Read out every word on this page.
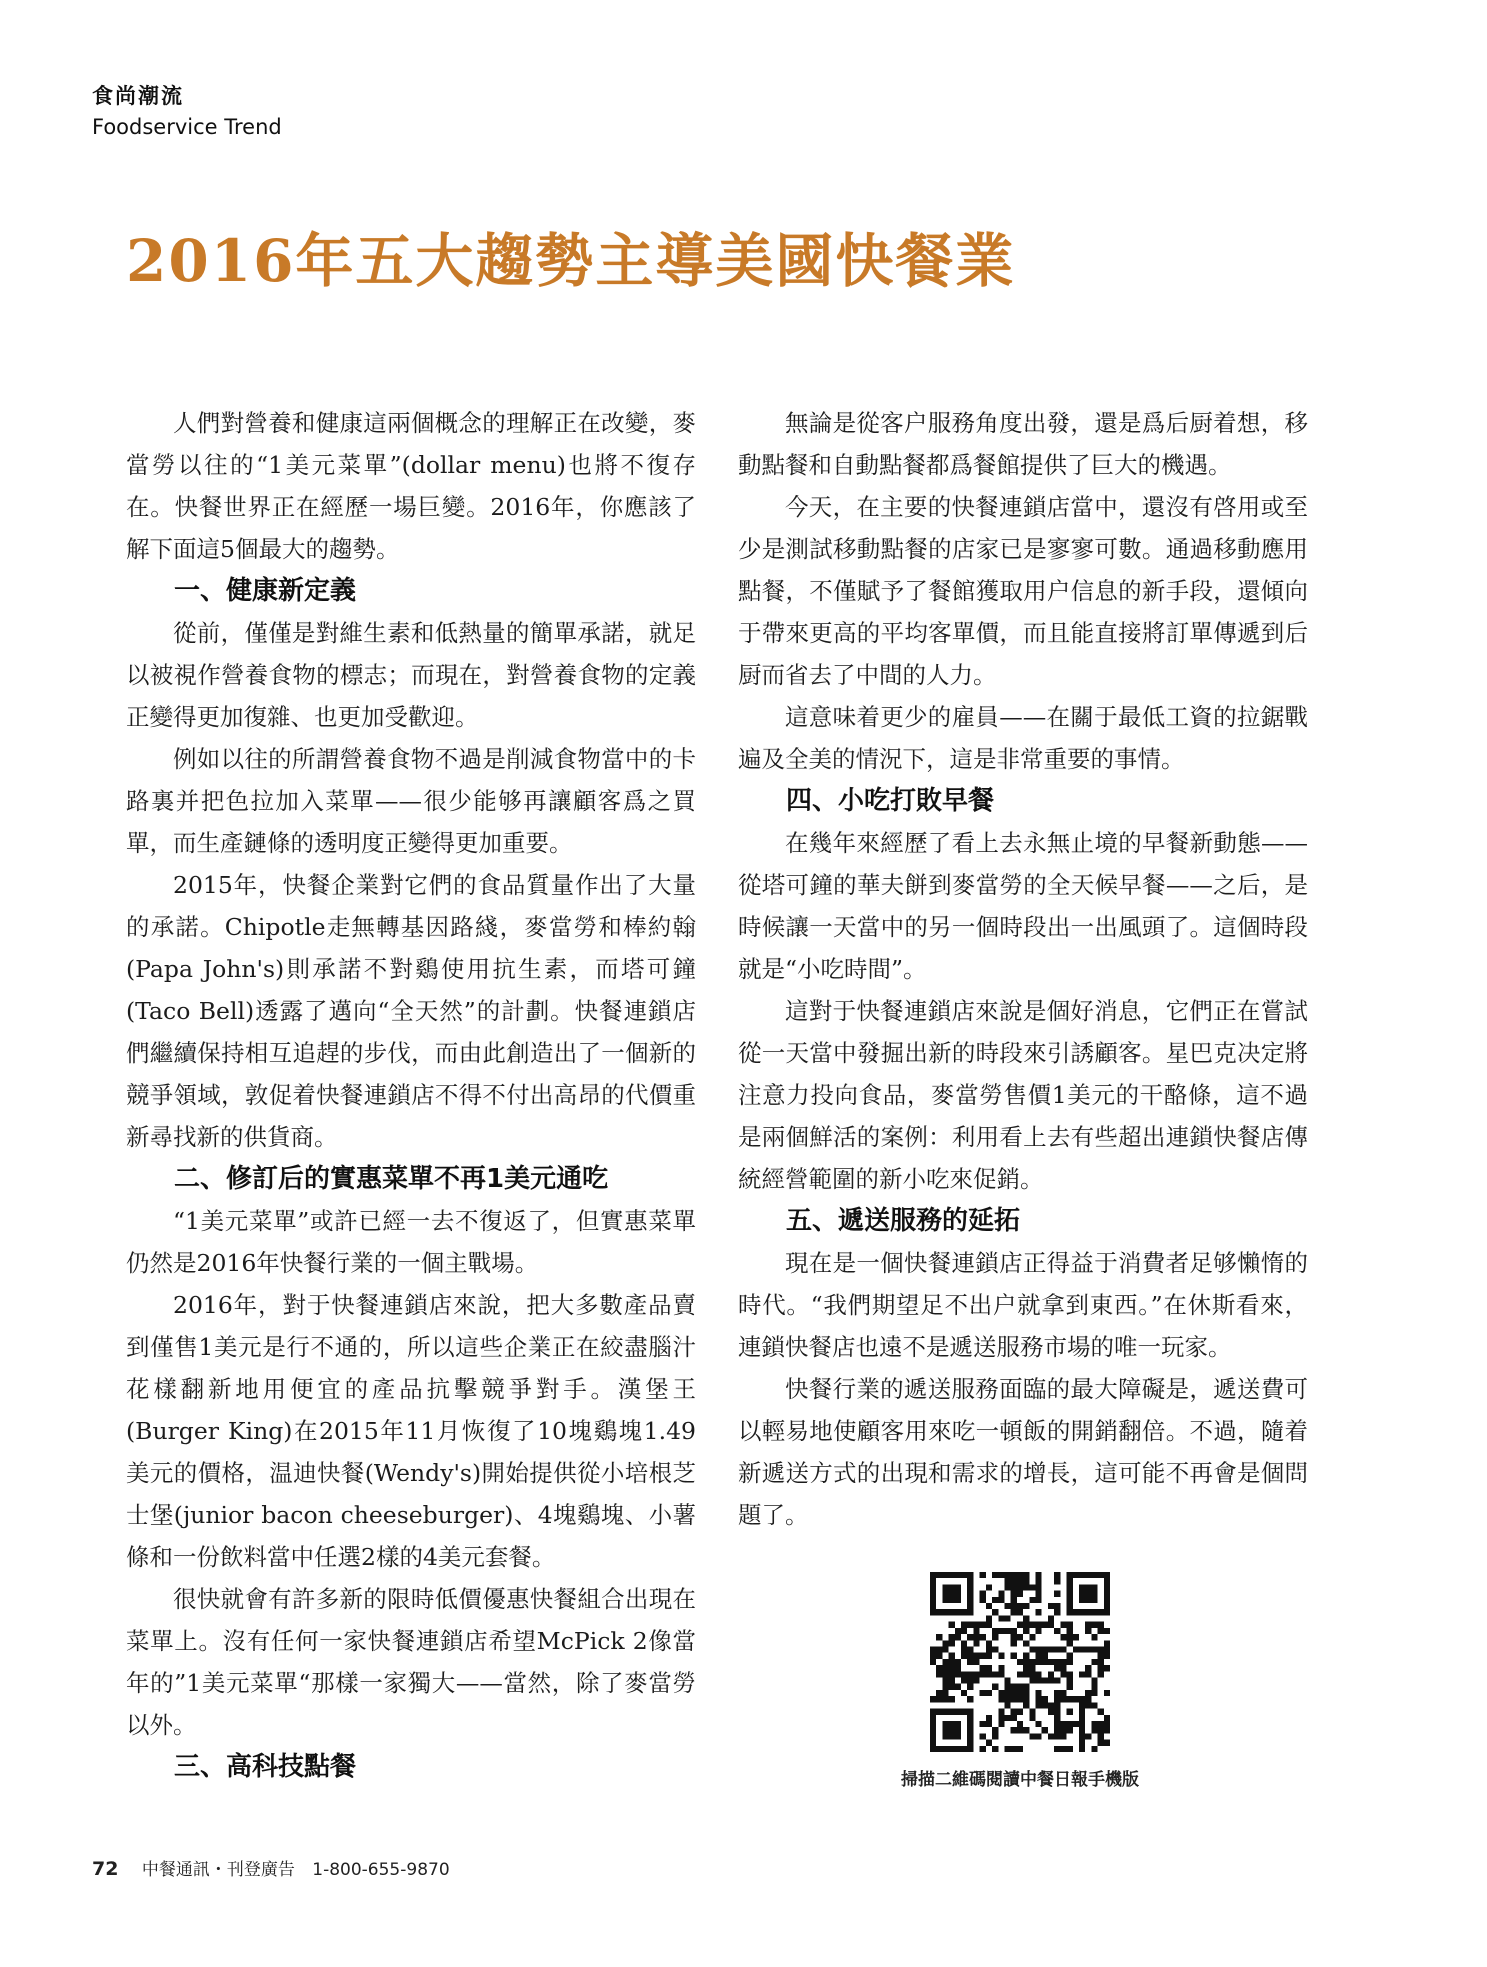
食尚潮流
Foodservice Trend
2016年五大趨勢主導美國快餐業

人們對營養和健康這兩個概念的理解正在改變，麥當勞以往的“1美元菜單”(dollar menu)也將不復存在。快餐世界正在經歷一場巨變。2016年，你應該了解下面這5個最大的趨勢。

一、健康新定義

從前，僅僅是對維生素和低熱量的簡單承諾，就足以被視作營養食物的標志；而現在，對營養食物的定義正變得更加復雜、也更加受歡迎。

例如以往的所謂營養食物不過是削減食物當中的卡路裏并把色拉加入菜單——很少能够再讓顧客爲之買單，而生產鏈條的透明度正變得更加重要。

2015年，快餐企業對它們的食品質量作出了大量的承諾。Chipotle走無轉基因路綫，麥當勞和棒約翰(Papa John's)則承諾不對鷄使用抗生素，而塔可鐘(Taco Bell)透露了邁向“全天然”的計劃。快餐連鎖店們繼續保持相互追趕的步伐，而由此創造出了一個新的競爭領域，敦促着快餐連鎖店不得不付出高昂的代價重新尋找新的供貨商。

二、修訂后的實惠菜單不再1美元通吃

“1美元菜單”或許已經一去不復返了，但實惠菜單仍然是2016年快餐行業的一個主戰場。

2016年，對于快餐連鎖店來說，把大多數產品賣到僅售1美元是行不通的，所以這些企業正在絞盡腦汁花樣翻新地用便宜的產品抗擊競爭對手。漢堡王(Burger King)在2015年11月恢復了10塊鷄塊1.49美元的價格，温迪快餐(Wendy's)開始提供從小培根芝士堡(junior bacon cheeseburger)、4塊鷄塊、小薯條和一份飲料當中任選2樣的4美元套餐。

很快就會有許多新的限時低價優惠快餐組合出現在菜單上。沒有任何一家快餐連鎖店希望McPick 2像當年的”1美元菜單“那樣一家獨大——當然，除了麥當勞以外。

三、高科技點餐

無論是從客户服務角度出發，還是爲后厨着想，移動點餐和自動點餐都爲餐館提供了巨大的機遇。

今天，在主要的快餐連鎖店當中，還沒有啓用或至少是測試移動點餐的店家已是寥寥可數。通過移動應用點餐，不僅賦予了餐館獲取用户信息的新手段，還傾向于帶來更高的平均客單價，而且能直接將訂單傳遞到后厨而省去了中間的人力。

這意味着更少的雇員——在關于最低工資的拉鋸戰遍及全美的情況下，這是非常重要的事情。

四、小吃打敗早餐

在幾年來經歷了看上去永無止境的早餐新動態——從塔可鐘的華夫餅到麥當勞的全天候早餐——之后，是時候讓一天當中的另一個時段出一出風頭了。這個時段就是“小吃時間”。

這對于快餐連鎖店來說是個好消息，它們正在嘗試從一天當中發掘出新的時段來引誘顧客。星巴克决定將注意力投向食品，麥當勞售價1美元的干酪條，這不過是兩個鮮活的案例：利用看上去有些超出連鎖快餐店傳統經營範圍的新小吃來促銷。

五、遞送服務的延拓

現在是一個快餐連鎖店正得益于消費者足够懶惰的時代。“我們期望足不出户就拿到東西。”在休斯看來，連鎖快餐店也遠不是遞送服務市場的唯一玩家。

快餐行業的遞送服務面臨的最大障礙是，遞送費可以輕易地使顧客用來吃一頓飯的開銷翻倍。不過，隨着新遞送方式的出現和需求的增長，這可能不再會是個問題了。

掃描二維碼閱讀中餐日報手機版
72 中餐通訊・刊登廣告 1-800-655-9870
